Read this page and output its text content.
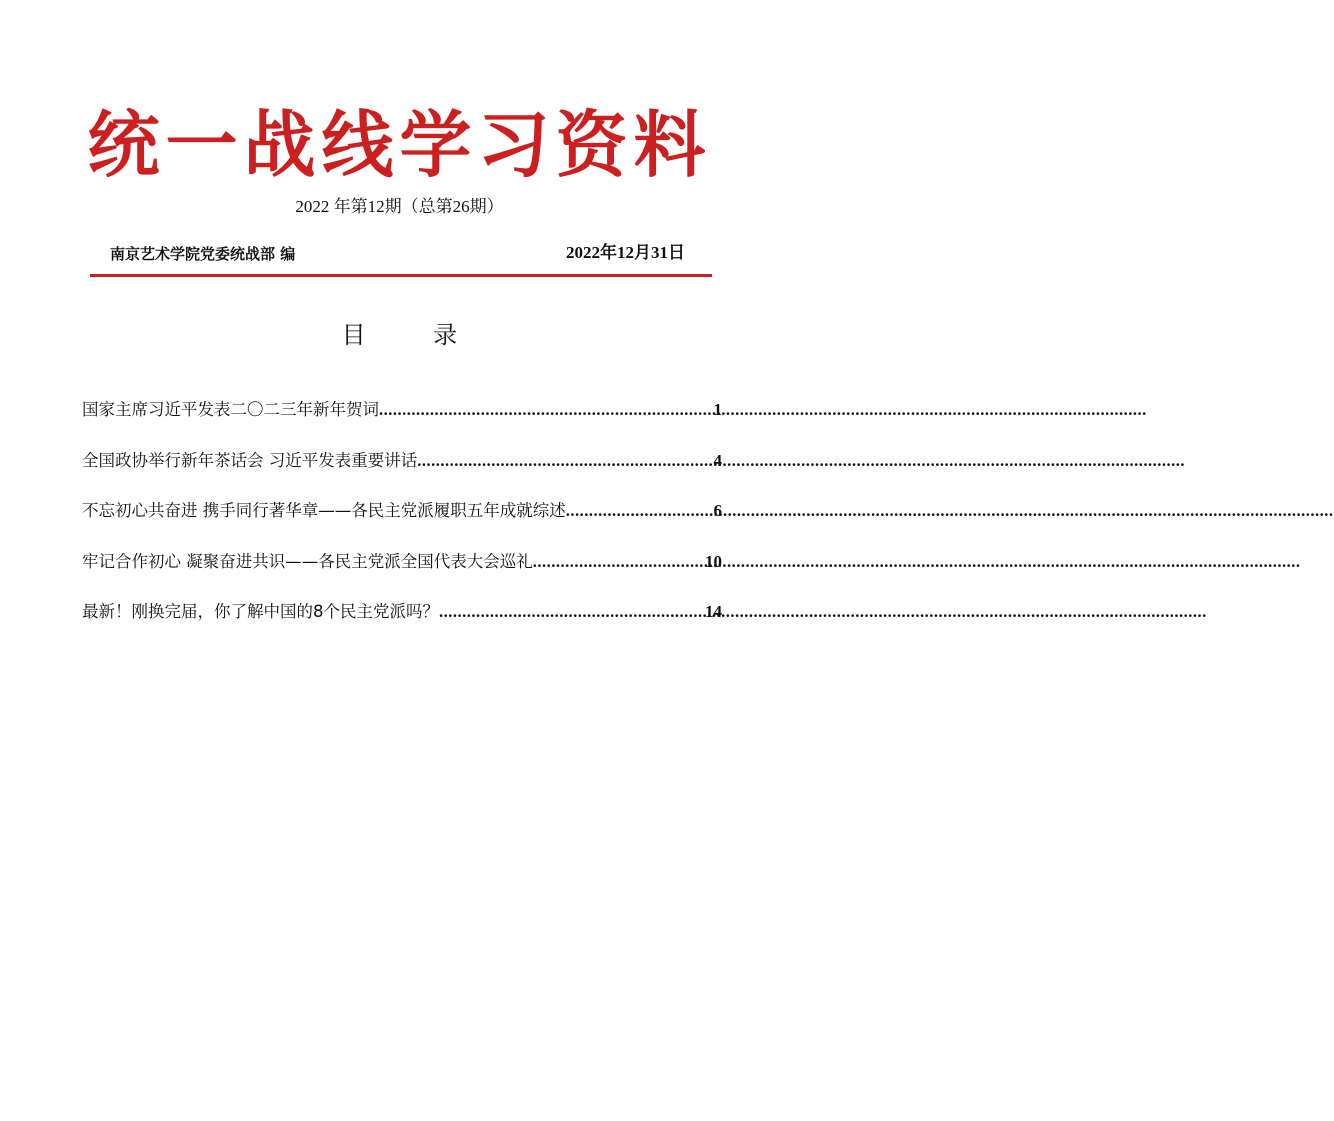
统一战线学习资料
2022 年第12期（总第26期）
南京艺术学院党委统战部 编	2022年12月31日
目 录
国家主席习近平发表二〇二三年新年贺词 .....	1
全国政协举行新年茶话会 习近平发表重要讲话 .....	4
不忘初心共奋进 携手同行著华章——各民主党派履职五年成就综述 .....	6
牢记合作初心 凝聚奋进共识——各民主党派全国代表大会巡礼 .....	10
最新！刚换完届，你了解中国的8个民主党派吗？ .....	14
